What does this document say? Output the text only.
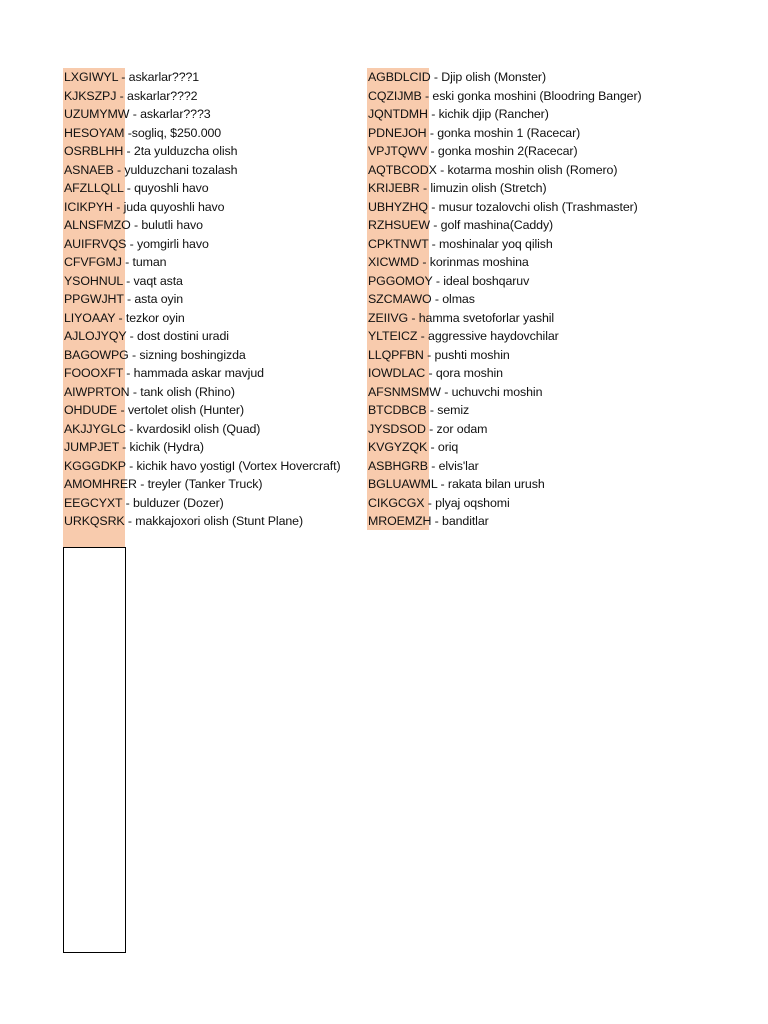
LXGIWYL - askarlar???1
KJKSZPJ - askarlar???2
UZUMYMW - askarlar???3
HESOYAM -sogliq, $250.000
OSRBLHH - 2ta yulduzcha olish
ASNAEB - yulduzchani tozalash
AFZLLQLL - quyoshli havo
ICIKPYH - juda quyoshli havo
ALNSFMZO - bulutli havo
AUIFRVQS - yomgirli havo
CFVFGMJ - tuman
YSOHNUL - vaqt asta
PPGWJHT - asta oyin
LIYOAAY - tezkor oyin
AJLOJYQY - dost dostini uradi
BAGOWPG - sizning boshingizda
FOOOXFT - hammada askar mavjud
AIWPRTON - tank olish (Rhino)
OHDUDE - vertolet olish (Hunter)
AKJJYGLC - kvardosikl olish (Quad)
JUMPJET - kichik (Hydra)
KGGGDKP - kichik havo yostigI (Vortex Hovercraft)
AMOMHRER - treyler (Tanker Truck)
EEGCYXT - bulduzer (Dozer)
URKQSRK - makkajoxori olish (Stunt Plane)
AGBDLCID - Djip olish (Monster)
CQZIJMB - eski gonka moshini (Bloodring Banger)
JQNTDMH - kichik djip (Rancher)
PDNEJOH - gonka moshin 1 (Racecar)
VPJTQWV - gonka moshin 2(Racecar)
AQTBCODX - kotarma moshin olish (Romero)
KRIJEBR - limuzin olish (Stretch)
UBHYZHQ - musur tozalovchi olish (Trashmaster)
RZHSUEW - golf mashina(Caddy)
CPKTNWT - moshinalar yoq qilish
XICWMD - korinmas moshina
PGGOMOY - ideal boshqaruv
SZCMAWO - olmas
ZEIIVG - hamma svetoforlar yashil
YLTEICZ - aggressive haydovchilar
LLQPFBN - pushti moshin
IOWDLAC - qora moshin
AFSNMSMW - uchuvchi moshin
BTCDBCB - semiz
JYSDSOD - zor odam
KVGYZQK - oriq
ASBHGRB - elvis'lar
BGLUAWML - rakata bilan urush
CIKGCGX - plyaj oqshomi
MROEMZH - banditlar
